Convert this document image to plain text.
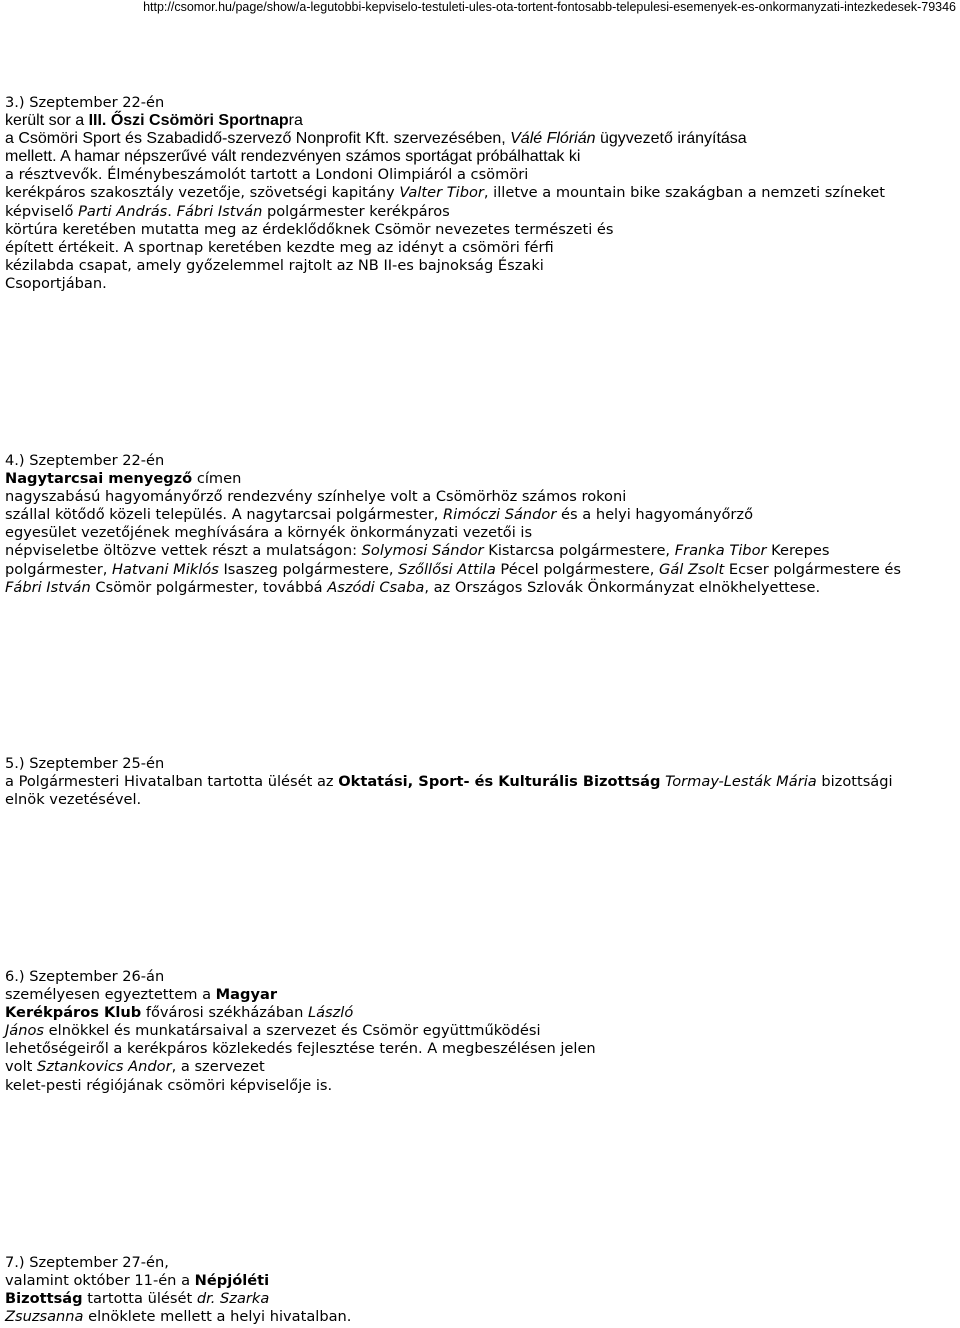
http://csomor.hu/page/show/a-legutobbi-kepviselo-testuleti-ules-ota-tortent-fontosabb-telepulesi-esemenyek-es-onkormanyzati-intezkedesek-79346
3.) Szeptember 22-én
került sor a III. Őszi Csömöri Sportnapra
a Csömöri Sport és Szabadidő-szervező Nonprofit Kft. szervezésében, Válé Flórián ügyvezető irányítása
mellett. A hamar népszerűvé vált rendezvényen számos sportágat próbálhattak ki
a résztvevők. Élménybeszámolót tartott a Londoni Olimpiáról a csömöri
kerékpáros szakosztály vezetője, szövetségi kapitány Valter Tibor, illetve a mountain bike szakágban a nemzeti színeket
képviselő Parti András. Fábri István polgármester kerékpáros
körtúra keretében mutatta meg az érdeklődőknek Csömör nevezetes természeti és
épített értékeit. A sportnap keretében kezdte meg az idényt a csömöri férfi
kézilabda csapat, amely győzelemmel rajtolt az NB II-es bajnokság Északi
Csoportjában.
4.) Szeptember 22-én
Nagytarcsai menyegző címen
nagyszabású hagyományőrző rendezvény színhelye volt a Csömörhöz számos rokoni
szállal kötődő közeli település. A nagytarcsai polgármester, Rimóczi Sándor és a helyi hagyományőrző
egyesület vezetőjének meghívására a környék önkormányzati vezetői is
népviseletbe öltözve vettek részt a mulatságon: Solymosi Sándor Kistarcsa polgármestere, Franka Tibor Kerepes
polgármester, Hatvani Miklós Isaszeg polgármestere, Szőllősi Attila Pécel polgármestere, Gál Zsolt Ecser polgármestere és
Fábri István Csömör polgármester, továbbá Aszódi Csaba, az Országos Szlovák Önkormányzat elnökhelyettese.
5.) Szeptember 25-én
a Polgármesteri Hivatalban tartotta ülését az Oktatási, Sport- és Kulturális Bizottság Tormay-Lesták Mária bizottsági
elnök vezetésével.
6.) Szeptember 26-án
személyesen egyeztettem a Magyar
Kerékpáros Klub fővárosi székházában László
János elnökkel és munkatársaival a szervezet és Csömör együttműködési
lehetőségeiről a kerékpáros közlekedés fejlesztése terén. A megbeszélésen jelen
volt Sztankovics Andor, a szervezet
kelet-pesti régiójának csömöri képviselője is.
7.) Szeptember 27-én,
valamint október 11-én a Népjóléti
Bizottság tartotta ülését dr. Szarka
Zsuzsanna elnöklete mellett a helyi hivatalban.
